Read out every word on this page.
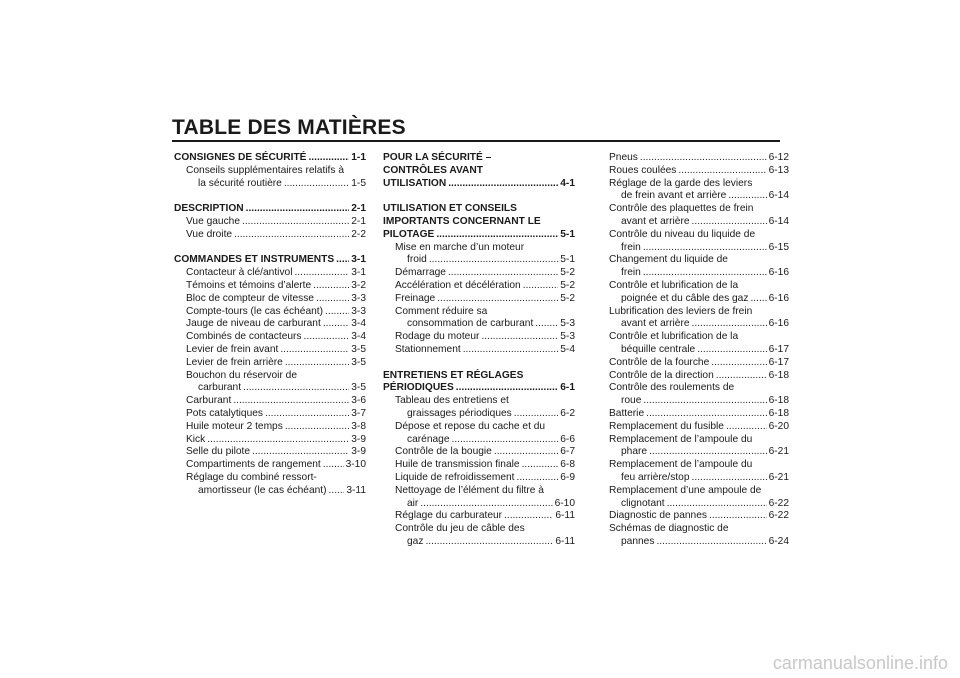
TABLE DES MATIÈRES
CONSIGNES DE SÉCURITÉ .....	1-1
Conseils supplémentaires relatifs à
la sécurité routière .....	1-5
DESCRIPTION .....	2-1
Vue gauche .....	2-1
Vue droite .....	2-2
COMMANDES ET INSTRUMENTS ..... 3-1
Contacteur à clé/antivol .....	3-1
Témoins et témoins d’alerte .....	3-2
Bloc de compteur de vitesse .....	3-3
Compte-tours (le cas échéant) .....	3-3
Jauge de niveau de carburant .....	3-4
Combinés de contacteurs .....	3-4
Levier de frein avant .....	3-5
Levier de frein arrière .....	3-5
Bouchon du réservoir de
carburant .....	3-5
Carburant .....	3-6
Pots catalytiques .....	3-7
Huile moteur 2 temps .....	3-8
Kick .....	3-9
Selle du pilote .....	3-9
Compartiments de rangement ..... 3-10
Réglage du combiné ressort-
amortisseur (le cas échéant) ..... 3-11
POUR LA SÉCURITÉ –
CONTRÔLES AVANT
UTILISATION .....	4-1
UTILISATION ET CONSEILS
IMPORTANTS CONCERNANT LE
PILOTAGE .....	5-1
Mise en marche d’un moteur
froid .....	5-1
Démarrage .....	5-2
Accélération et décélération .....	5-2
Freinage .....	5-2
Comment réduire sa
consommation de carburant .....	5-3
Rodage du moteur .....	5-3
Stationnement .....	5-4
ENTRETIENS ET RÉGLAGES
PÉRIODIQUES .....	6-1
Tableau des entretiens et
graissages périodiques .....	6-2
Dépose et repose du cache et du
carénage .....	6-6
Contrôle de la bougie .....	6-7
Huile de transmission finale .....	6-8
Liquide de refroidissement .....	6-9
Nettoyage de l’élément du filtre à
air .....	6-10
Réglage du carburateur .....	6-11
Contrôle du jeu de câble des
gaz .....	6-11
Pneus .....	6-12
Roues coulées .....	6-13
Réglage de la garde des leviers
de frein avant et arrière .....	6-14
Contrôle des plaquettes de frein
avant et arrière .....	6-14
Contrôle du niveau du liquide de
frein .....	6-15
Changement du liquide de
frein .....	6-16
Contrôle et lubrification de la
poignée et du câble des gaz ..... 6-16
Lubrification des leviers de frein
avant et arrière .....	6-16
Contrôle et lubrification de la
béquille centrale .....	6-17
Contrôle de la fourche .....	6-17
Contrôle de la direction .....	6-18
Contrôle des roulements de
roue .....	6-18
Batterie .....	6-18
Remplacement du fusible .....	6-20
Remplacement de l’ampoule du
phare .....	6-21
Remplacement de l’ampoule du
feu arrière/stop .....	6-21
Remplacement d’une ampoule de
clignotant .....	6-22
Diagnostic de pannes .....	6-22
Schémas de diagnostic de
pannes .....	6-24
carmanualsonline.info
